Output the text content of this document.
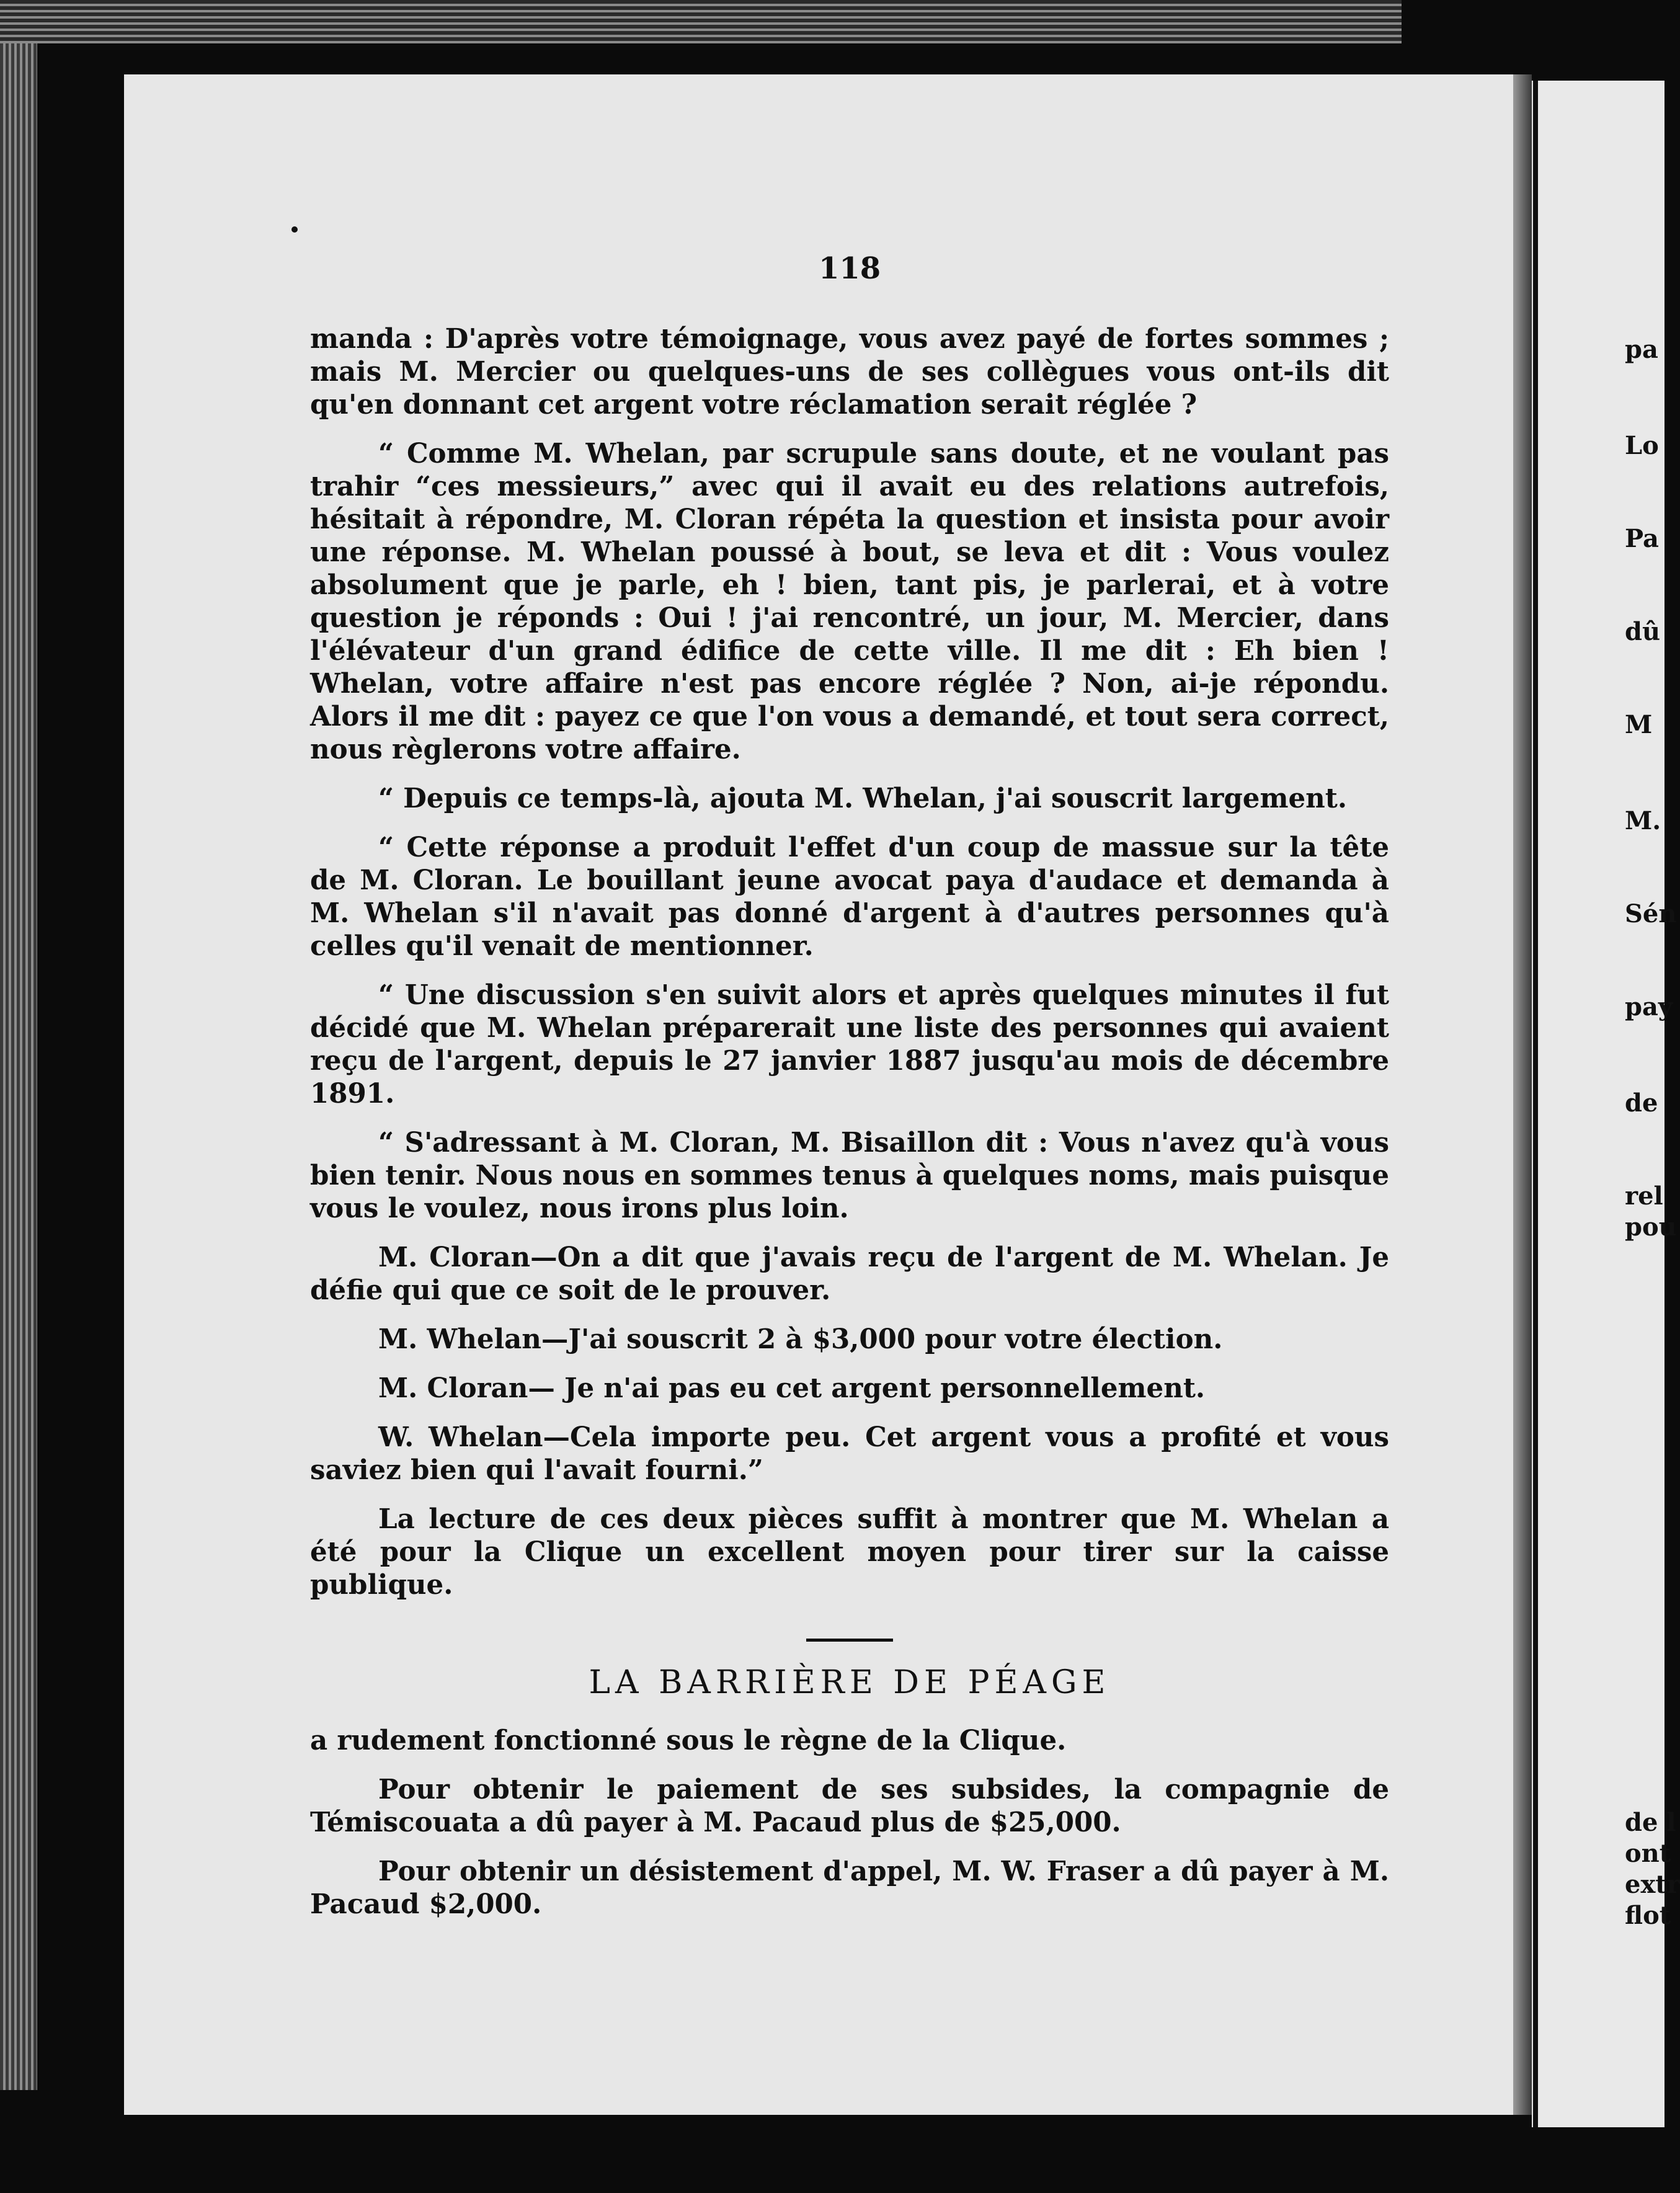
pa
Lo
Pa
dû
M
M.
Sén
pay
de
rel
pou
de l
ont
extr
flot
118

manda : D'après votre témoignage, vous avez payé de fortes sommes ; mais M. Mercier ou quelques-uns de ses collègues vous ont-ils dit qu'en donnant cet argent votre réclamation serait réglée ?

“ Comme M. Whelan, par scrupule sans doute, et ne voulant pas trahir “ces messieurs,” avec qui il avait eu des relations autrefois, hésitait à répondre, M. Cloran répéta la question et insista pour avoir une réponse. M. Whelan poussé à bout, se leva et dit : Vous voulez absolument que je parle, eh ! bien, tant pis, je parlerai, et à votre question je réponds : Oui ! j'ai rencontré, un jour, M. Mercier, dans l'élévateur d'un grand édifice de cette ville. Il me dit : Eh bien ! Whelan, votre affaire n'est pas encore réglée ? Non, ai-je répondu. Alors il me dit : payez ce que l'on vous a demandé, et tout sera correct, nous règlerons votre affaire.

“ Depuis ce temps-là, ajouta M. Whelan, j'ai souscrit largement.

“ Cette réponse a produit l'effet d'un coup de massue sur la tête de M. Cloran. Le bouillant jeune avocat paya d'audace et demanda à M. Whelan s'il n'avait pas donné d'argent à d'autres personnes qu'à celles qu'il venait de mentionner.

“ Une discussion s'en suivit alors et après quelques minutes il fut décidé que M. Whelan préparerait une liste des personnes qui avaient reçu de l'argent, depuis le 27 janvier 1887 jusqu'au mois de décembre 1891.

“ S'adressant à M. Cloran, M. Bisaillon dit : Vous n'avez qu'à vous bien tenir. Nous nous en sommes tenus à quelques noms, mais puisque vous le voulez, nous irons plus loin.

M. Cloran—On a dit que j'avais reçu de l'argent de M. Whelan. Je défie qui que ce soit de le prouver.

M. Whelan—J'ai souscrit 2 à $3,000 pour votre élection.

M. Cloran— Je n'ai pas eu cet argent personnellement.

W. Whelan—Cela importe peu. Cet argent vous a profité et vous saviez bien qui l'avait fourni.”

La lecture de ces deux pièces suffit à montrer que M. Whelan a été pour la Clique un excellent moyen pour tirer sur la caisse publique.

LA BARRIÈRE DE PÉAGE

a rudement fonctionné sous le règne de la Clique.

Pour obtenir le paiement de ses subsides, la compagnie de Témiscouata a dû payer à M. Pacaud plus de $25,000.

Pour obtenir un désistement d'appel, M. W. Fraser a dû payer à M. Pacaud $2,000.
